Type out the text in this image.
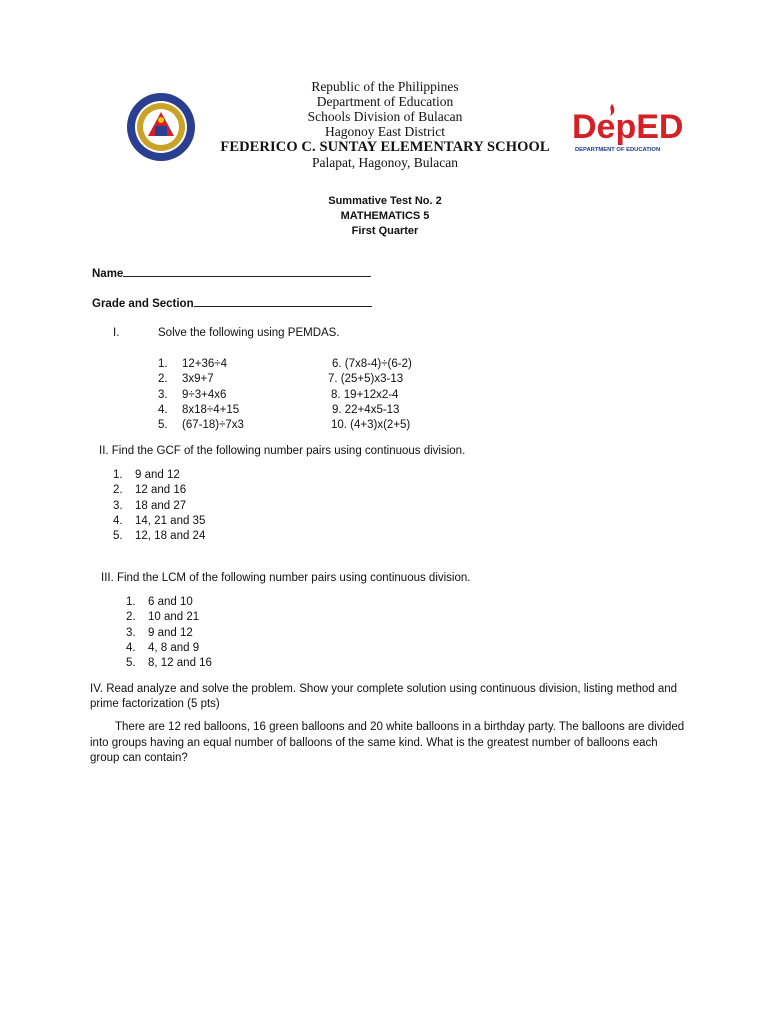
Republic of the Philippines
Department of Education
Schools Division of Bulacan
Hagonoy East District
FEDERICO C. SUNTAY ELEMENTARY SCHOOL
Palapat, Hagonoy, Bulacan
DepED
DEPARTMENT OF EDUCATION
Summative Test No. 2
MATHEMATICS 5
First Quarter
Name
Grade and Section
I.	Solve the following using PEMDAS.
1. 12+36÷4
2. 3x9+7
3. 9÷3+4x6
4. 8x18÷4+15
5. (67-18)÷7x3
6. (7x8-4)÷(6-2)
7. (25+5)x3-13
8. 19+12x2-4
9. 22+4x5-13
10. (4+3)x(2+5)
II. Find the GCF of the following number pairs using continuous division.
1. 9 and 12
2. 12 and 16
3. 18 and 27
4. 14, 21 and 35
5. 12, 18 and 24
III. Find the LCM of the following number pairs using continuous division.
1. 6 and 10
2. 10 and 21
3. 9 and 12
4. 4, 8 and 9
5. 8, 12 and 16
IV. Read analyze and solve the problem. Show your complete solution using continuous division, listing method and prime factorization (5 pts)

There are 12 red balloons, 16 green balloons and 20 white balloons in a birthday party. The balloons are divided into groups having an equal number of balloons of the same kind. What is the greatest number of balloons each group can contain?
